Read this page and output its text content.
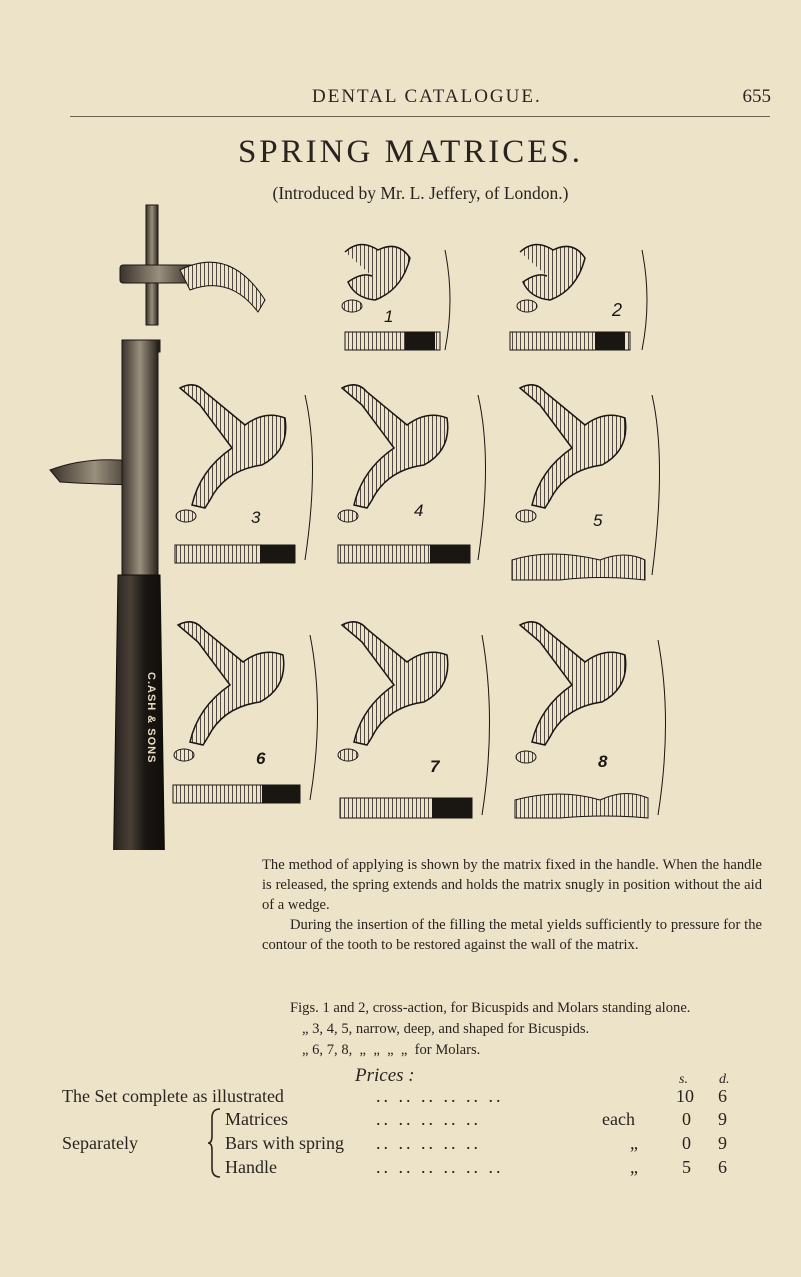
DENTAL CATALOGUE.	655
SPRING MATRICES.
(Introduced by Mr. L. Jeffery, of London.)
C.ASH & SONS
1	2
3	4
5
6	7	8

The method of applying is shown by the matrix fixed in the handle. When the handle is released, the spring extends and holds the matrix snugly in position without the aid of a wedge.

During the insertion of the filling the metal yields sufficiently to pressure for the contour of the tooth to be restored against the wall of the matrix.

Figs. 1 and 2, cross-action, for Bicuspids and Molars standing alone.
„ 3, 4, 5, narrow, deep, and shaped for Bicuspids.
„ 6, 7, 8,  „  „  „  „  for Molars.
Prices :	s. d.
The Set complete as illustrated	.. .. .. .. .. ..	10 6
Separately
Matrices	.. .. .. .. ..	each	0 9
Bars with spring .. .. .. .. ..	„ 0 9
Handle	.. .. .. .. .. ..	„ 5 6
